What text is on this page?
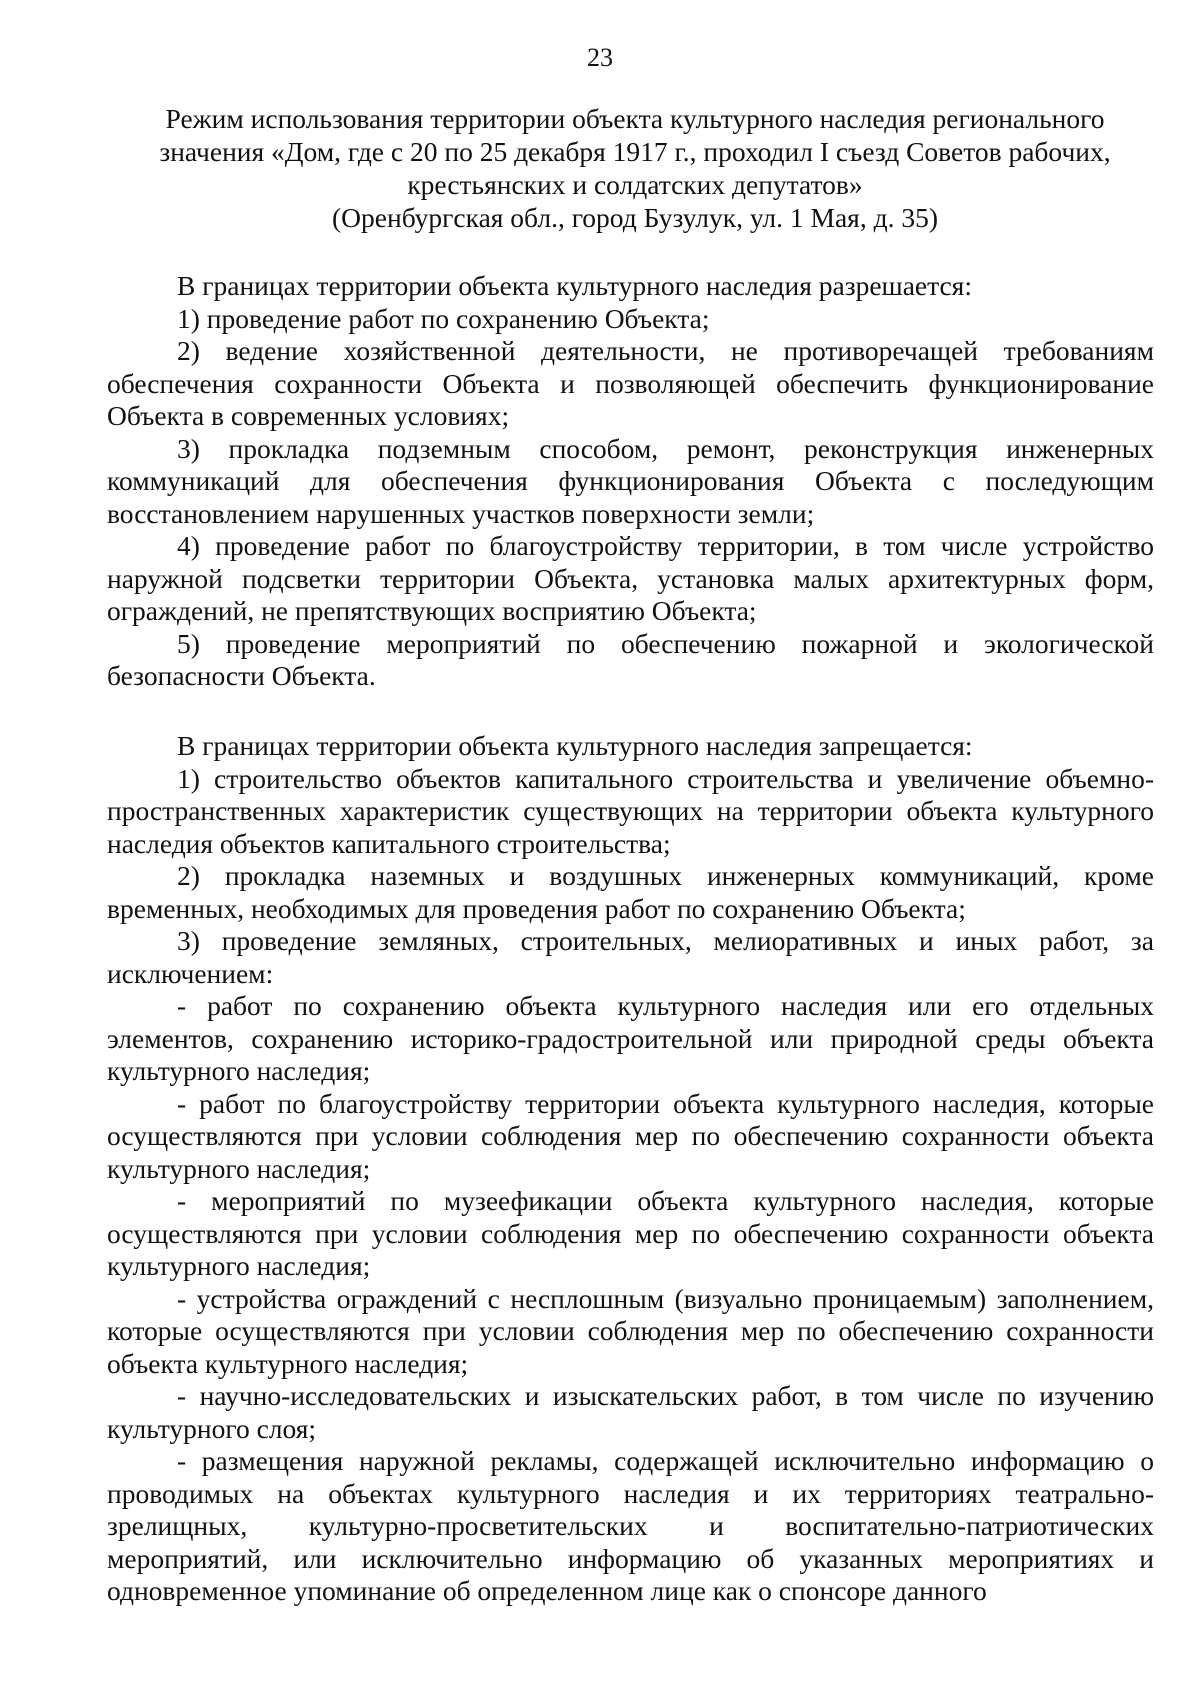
23
Режим использования территории объекта культурного наследия регионального
значения «Дом, где с 20 по 25 декабря 1917 г., проходил I съезд Советов рабочих,
крестьянских и солдатских депутатов»
(Оренбургская обл., город Бузулук, ул. 1 Мая, д. 35)

В границах территории объекта культурного наследия разрешается:

1) проведение работ по сохранению Объекта;

2) ведение хозяйственной деятельности, не противоречащей требованиям обеспечения сохранности Объекта и позволяющей обеспечить функционирование Объекта в современных условиях;

3) прокладка подземным способом, ремонт, реконструкция инженерных коммуникаций для обеспечения функционирования Объекта с последующим восстановлением нарушенных участков поверхности земли;

4) проведение работ по благоустройству территории, в том числе устройство наружной подсветки территории Объекта, установка малых архитектурных форм, ограждений, не препятствующих восприятию Объекта;

5) проведение мероприятий по обеспечению пожарной и экологической безопасности Объекта.

В границах территории объекта культурного наследия запрещается:

1) строительство объектов капитального строительства и увеличение объемно-пространственных характеристик существующих на территории объекта культурного наследия объектов капитального строительства;

2) прокладка наземных и воздушных инженерных коммуникаций, кроме временных, необходимых для проведения работ по сохранению Объекта;

3) проведение земляных, строительных, мелиоративных и иных работ, за исключением:

- работ по сохранению объекта культурного наследия или его отдельных элементов, сохранению историко-градостроительной или природной среды объекта культурного наследия;

- работ по благоустройству территории объекта культурного наследия, которые осуществляются при условии соблюдения мер по обеспечению сохранности объекта культурного наследия;

- мероприятий по музеефикации объекта культурного наследия, которые осуществляются при условии соблюдения мер по обеспечению сохранности объекта культурного наследия;

- устройства ограждений с несплошным (визуально проницаемым) заполнением, которые осуществляются при условии соблюдения мер по обеспечению сохранности объекта культурного наследия;

- научно-исследовательских и изыскательских работ, в том числе по изучению культурного слоя;

- размещения наружной рекламы, содержащей исключительно информацию о проводимых на объектах культурного наследия и их территориях театрально-зрелищных, культурно-просветительских и воспитательно-патриотических мероприятий, или исключительно информацию об указанных мероприятиях и одновременное упоминание об определенном лице как о спонсоре данного
